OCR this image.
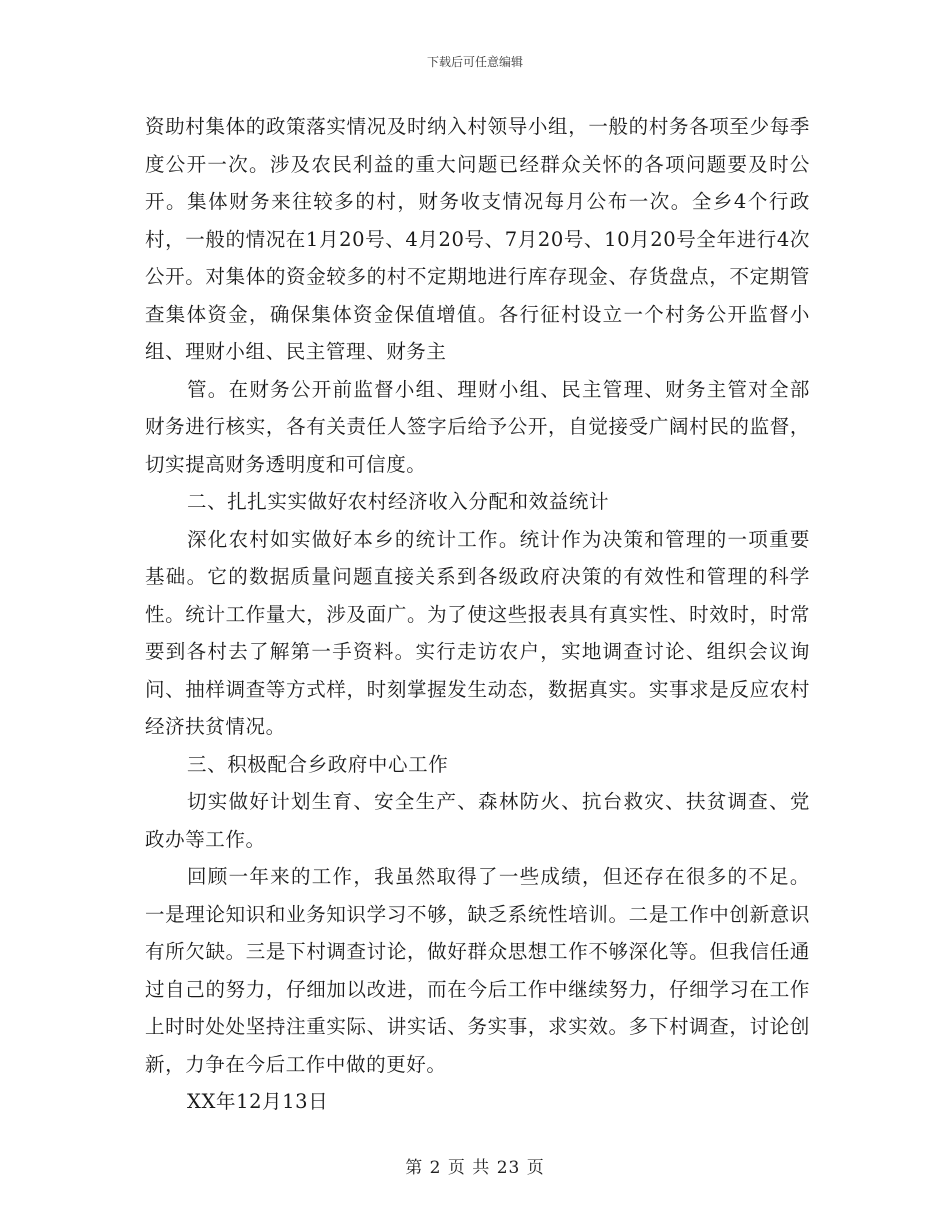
下载后可任意编辑

资助村集体的政策落实情况及时纳入村领导小组，一般的村务各项至少每季度公开一次。涉及农民利益的重大问题已经群众关怀的各项问题要及时公开。集体财务来往较多的村，财务收支情况每月公布一次。全乡4个行政村，一般的情况在1月20号、4月20号、7月20号、10月20号全年进行4次公开。对集体的资金较多的村不定期地进行库存现金、存货盘点，不定期管查集体资金，确保集体资金保值增值。各行征村设立一个村务公开监督小组、理财小组、民主管理、财务主

管。在财务公开前监督小组、理财小组、民主管理、财务主管对全部财务进行核实，各有关责任人签字后给予公开，自觉接受广阔村民的监督，切实提高财务透明度和可信度。

二、扎扎实实做好农村经济收入分配和效益统计

深化农村如实做好本乡的统计工作。统计作为决策和管理的一项重要基础。它的数据质量问题直接关系到各级政府决策的有效性和管理的科学性。统计工作量大，涉及面广。为了使这些报表具有真实性、时效时，时常要到各村去了解第一手资料。实行走访农户，实地调查讨论、组织会议询问、抽样调查等方式样，时刻掌握发生动态，数据真实。实事求是反应农村经济扶贫情况。

三、积极配合乡政府中心工作

切实做好计划生育、安全生产、森林防火、抗台救灾、扶贫调查、党政办等工作。

回顾一年来的工作，我虽然取得了一些成绩，但还存在很多的不足。一是理论知识和业务知识学习不够，缺乏系统性培训。二是工作中创新意识有所欠缺。三是下村调查讨论，做好群众思想工作不够深化等。但我信任通过自己的努力，仔细加以改进，而在今后工作中继续努力，仔细学习在工作上时时处处坚持注重实际、讲实话、务实事，求实效。多下村调查，讨论创新，力争在今后工作中做的更好。

XX年12月13日

第 2 页 共 23 页
